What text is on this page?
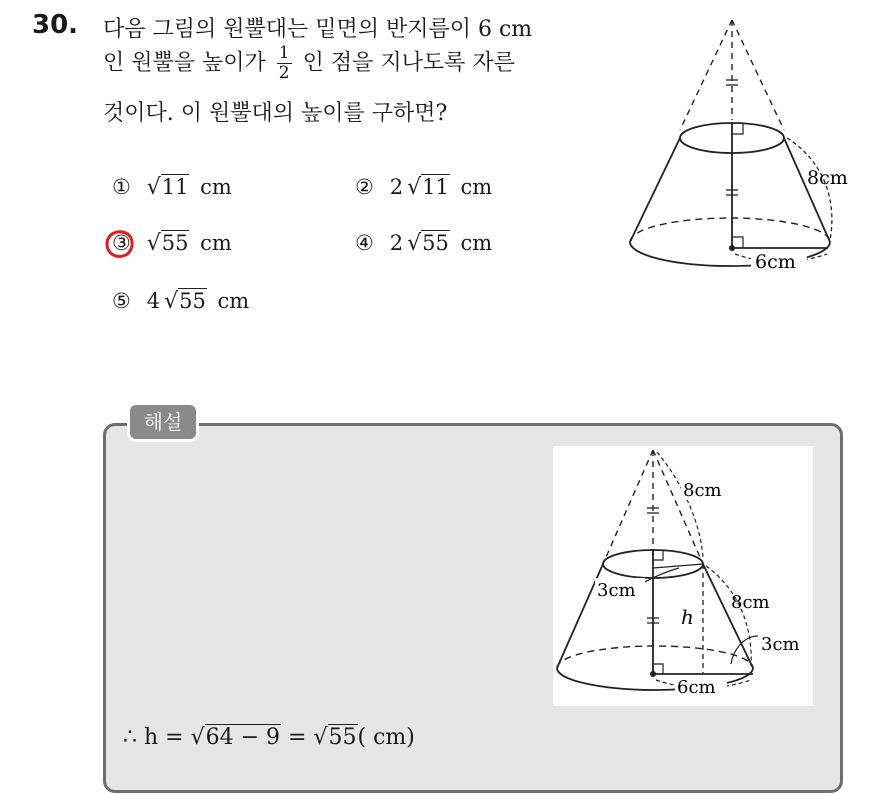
30. 다음 그림의 원뿔대는 밑면의 반지름이 6 cm
인 원뿔을 높이가 $\frac{1}{2}$ 인 점을 지나도록 자른
것이다. 이 원뿔대의 높이를 구하면?
① √11 cm	② 2 √11 cm
③ √55 cm	④ 2 √55 cm
⑤ 4 √55 cm
8cm
6cm
해설
8cm
3cm
8cm
h
3cm
6cm
∴ h = √64 − 9 = √55( cm)
